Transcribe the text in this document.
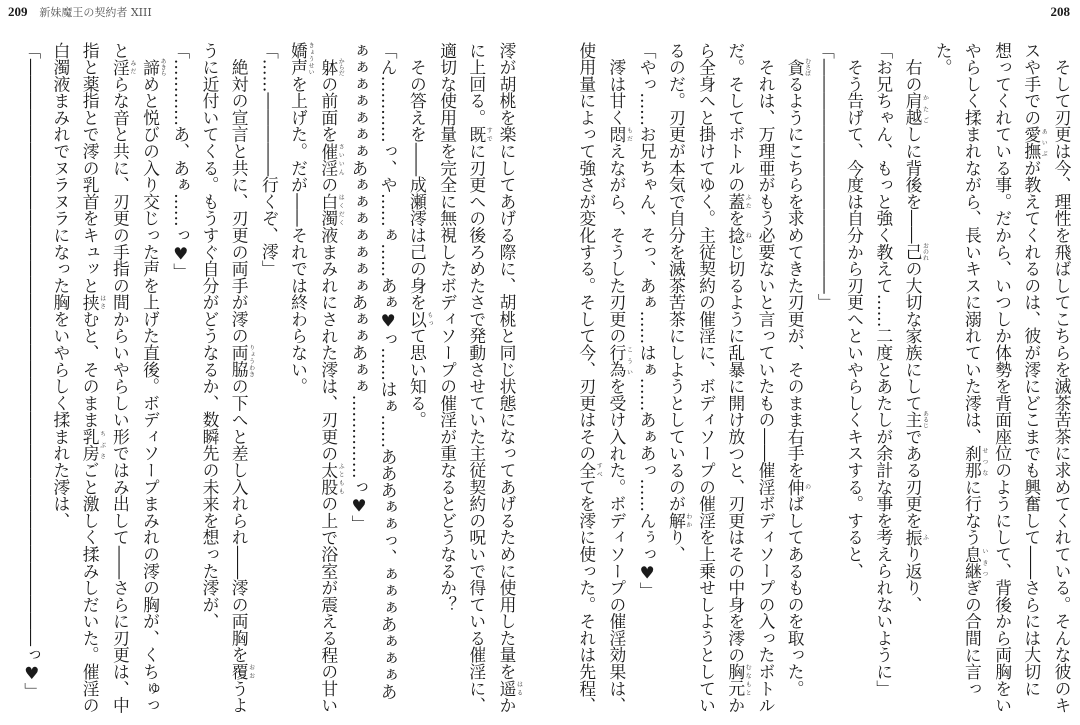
209 新妹魔王の契約者 XIII	208
澪が胡桃を楽にしてあげる際に、胡桃と同じ状態になってあげるために使用した量を遥はるか
に上回る。既すでに刃更への後ろめたさで発動させていた主従契約の呪いで得ている催淫に、
適切な使用量を完全に無視したボディソープの催淫が重なるとどうなるか？
　その答えを――成瀬澪は己の身を以もって思い知る。
「ん…………っ、や……ぁ……あぁ♥っ……はぁ……あああぁぁっ、ぁぁぁあぁぁぁあ
ぁぁぁぁぁぁぁあぁぁぁぁぁぁぁあぁぁあぁぁ……………っ♥」
　躰からだの前面を催淫さいいんの白濁はくだく液まみれにされた澪は、刃更の太股ふとももの上で浴室が震える程の甘い
嬌声きょうせいを上げた。だが――それでは終わらない。
「……―――――行くぞ、澪」
　絶対の宣言と共に、刃更の両手が澪の両脇りょうわきの下へと差し入れられ――澪の両胸を覆おおうよ
うに近付いてくる。もうすぐ自分がどうなるか、数瞬先の未来を想った澪が、
「…………あ、あぁ……っ♥」
　諦あきらめと悦びの入り交じった声を上げた直後。ボディソープまみれの澪の胸が、くちゅっ
と淫みだらな音と共に、刃更の手指の間からいやらしい形ではみ出して――さらに刃更は、中
指と薬指とで澪の乳首をキュッと挟はさむと、そのまま乳房ちぶさごと激しく揉みしだいた。催淫の
白濁液まみれでヌラヌラになった胸をいやらしく揉まれた澪は、
「―――――――――――――――――――――――――――――――――――っ♥」	　そして刃更は今、理性を飛ばしてこちらを滅茶苦茶に求めてくれている。そんな彼のキ
スや手での愛撫あいぶが教えてくれるのは、彼が澪にどこまでも興奮して――さらには大切に
想ってくれている事。だから、いつしか体勢を背面座位のようにして、背後から両胸をい
やらしく揉まれながら、長いキスに溺れていた澪は、刹那せつなに行なう息継いきつぎの合間に言っ
た。
　右の肩越かたごしに背後を――己おのれの大切な家族にして主あるじである刃更を振ふり返り、
「お兄ちゃん、もっと強く教えて……二度とあたしが余計な事を考えられないように」
　そう告げて、今度は自分から刃更へといやらしくキスする。すると、
「――――――――――――――」
　貪むさぼるようにこちらを求めてきた刃更が、そのまま右手を伸のばしてあるものを取った。
　それは、万理亜がもう必要ないと言っていたもの――催淫ボディソープの入ったボトル
だ。そしてボトルの蓋ふたを捻ねじ切るように乱暴に開け放つと、刃更はその中身を澪の胸元むなもとか
ら全身へと掛けてゆく。主従契約の催淫に、ボディソープの催淫を上乗せしようとしてい
るのだ。刃更が本気で自分を滅茶苦茶にしようとしているのが解わかり、
「やっ……お兄ちゃん、そっ、あぁ……はぁ……あぁあっ……んぅっ♥」
　澪は甘く悶もだえながら、そうした刃更の行為こういを受け入れた。ボディソープの催淫効果は、
使用量によって強さが変化する。そして今、刃更はその全すべてを澪に使った。それは先程、
